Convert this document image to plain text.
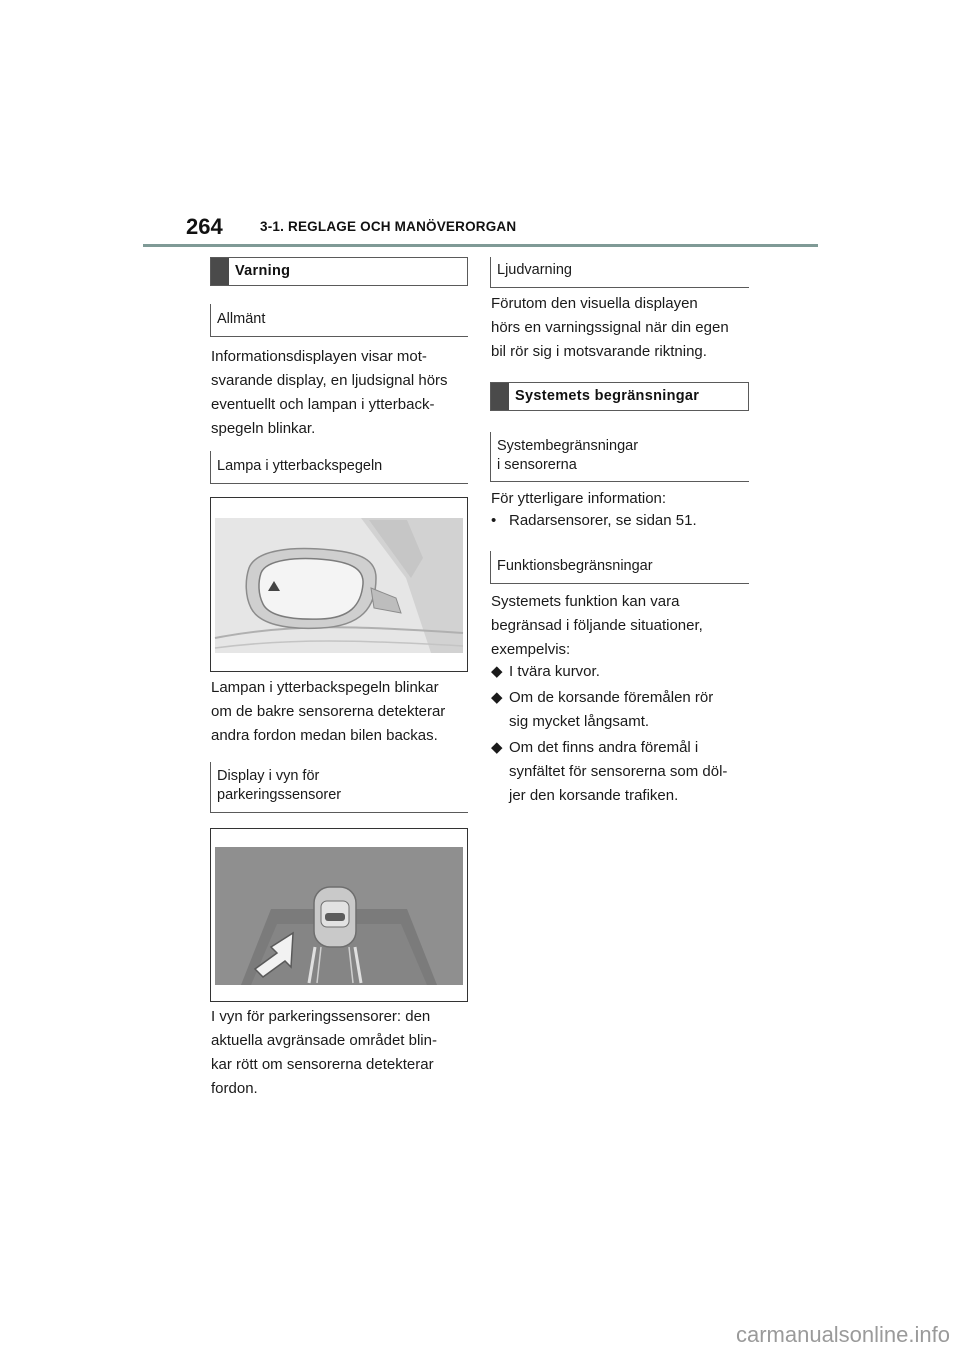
264	3-1. REGLAGE OCH MANÖVERORGAN
Varning
Allmänt
Informationsdisplayen visar mot-
svarande display, en ljudsignal hörs
eventuellt och lampan i ytterback-
spegeln blinkar.
Lampa i ytterbackspegeln
Lampan i ytterbackspegeln blinkar
om de bakre sensorerna detekterar
andra fordon medan bilen backas.
Display i vyn för
parkeringssensorer
I vyn för parkeringssensorer: den
aktuella avgränsade området blin-
kar rött om sensorerna detekterar
fordon.
Ljudvarning
Förutom den visuella displayen
hörs en varningssignal när din egen
bil rör sig i motsvarande riktning.
Systemets begränsningar
Systembegränsningar
i sensorerna
För ytterligare information:
• Radarsensorer, se sidan 51.
Funktionsbegränsningar
Systemets funktion kan vara
begränsad i följande situationer,
exempelvis:
◆ I tvära kurvor.
◆ Om de korsande föremålen rör
sig mycket långsamt.
◆ Om det finns andra föremål i
synfältet för sensorerna som döl-
jer den korsande trafiken.
carmanualsonline.info
